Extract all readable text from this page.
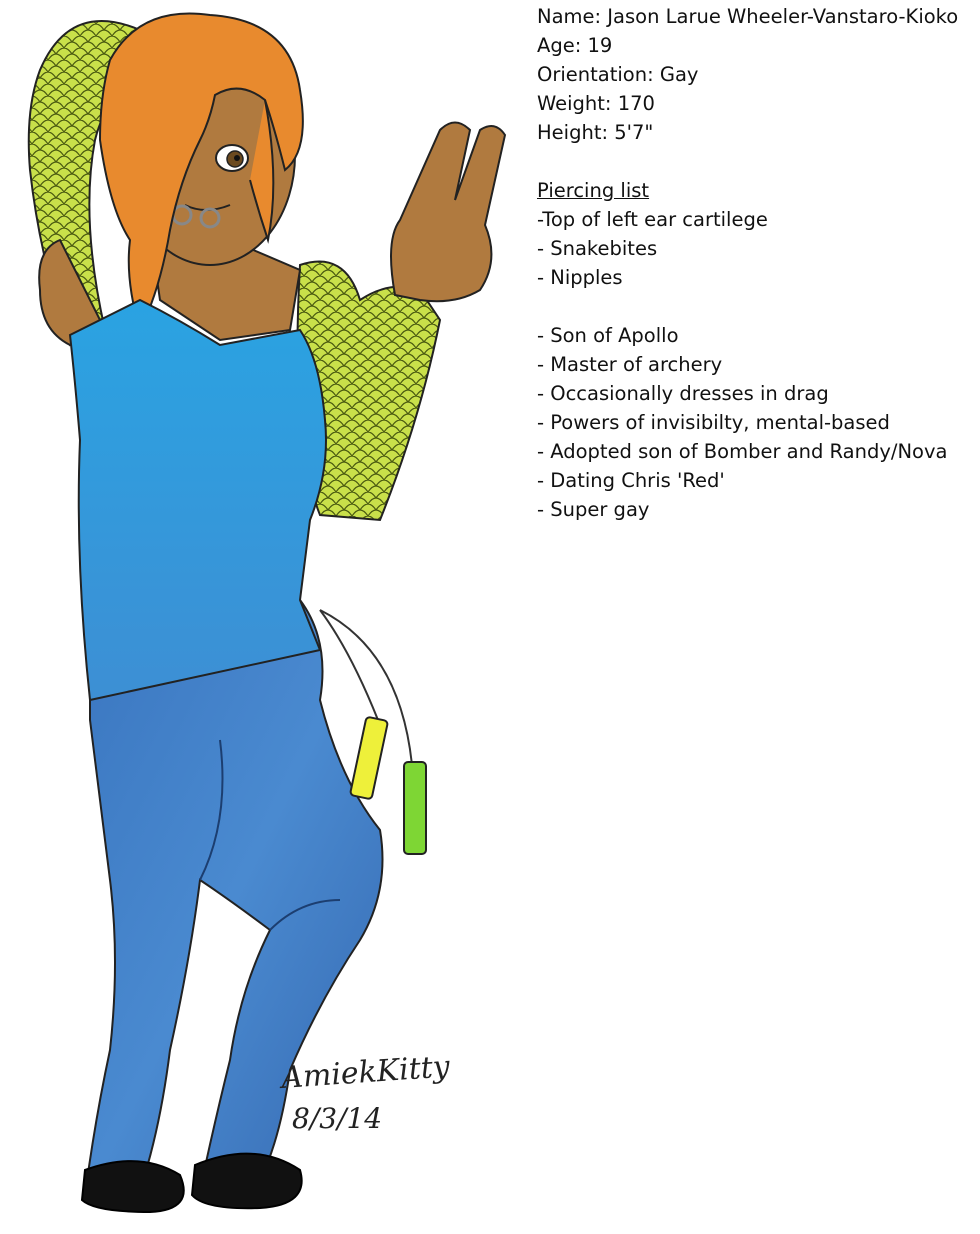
AmiekKitty
8/3/14
Name: Jason Larue Wheeler-Vanstaro-Kioko
Age: 19
Orientation: Gay
Weight: 170
Height: 5'7"
Piercing list
-Top of left ear cartilege
- Snakebites
- Nipples
- Son of Apollo
- Master of archery
- Occasionally dresses in drag
- Powers of invisibilty, mental-based
- Adopted son of Bomber and Randy/Nova
- Dating Chris 'Red'
- Super gay
